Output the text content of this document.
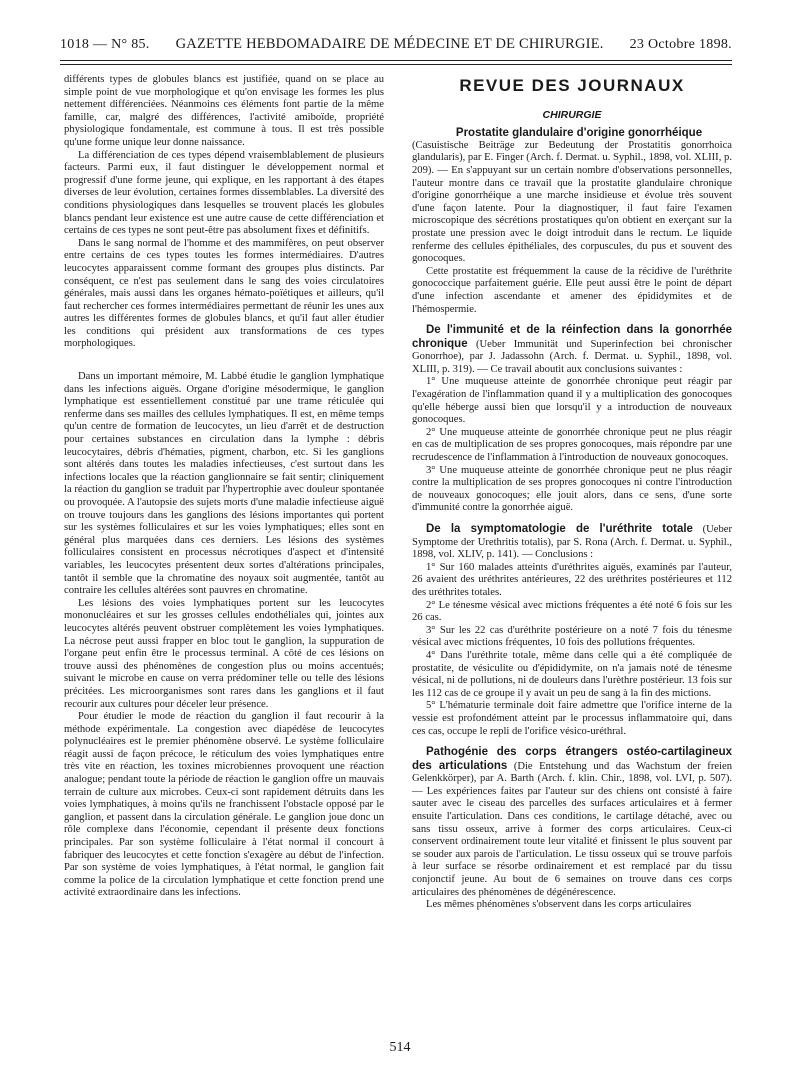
1018 — N° 85. GAZETTE HEBDOMADAIRE DE MÉDECINE ET DE CHIRURGIE. 23 Octobre 1898.

différents types de globules blancs est justifiée, quand on se place au simple point de vue morphologique et qu'on envisage les formes les plus nettement différenciées. Néanmoins ces éléments font partie de la même famille, car, malgré des différences, l'activité amiboïde, propriété physiologique fondamentale, est commune à tous. Il est très possible qu'une forme unique leur donne naissance.

La différenciation de ces types dépend vraisemblablement de plusieurs facteurs. Parmi eux, il faut distinguer le développement normal et progressif d'une forme jeune, qui explique, en les rapportant à des étapes diverses de leur évolution, certaines formes dissemblables. La diversité des conditions physiologiques dans lesquelles se trouvent placés les globules blancs pendant leur existence est une autre cause de cette différenciation et certains de ces types ne sont peut-être pas absolument fixes et définitifs.

Dans le sang normal de l'homme et des mammifères, on peut observer entre certains de ces types toutes les formes intermédiaires. D'autres leucocytes apparaissent comme formant des groupes plus distincts. Par conséquent, ce n'est pas seulement dans le sang des voies circulatoires générales, mais aussi dans les organes hémato-poïétiques et ailleurs, qu'il faut rechercher ces formes intermédiaires permettant de réunir les unes aux autres les différentes formes de globules blancs, et qu'il faut aller étudier les conditions qui président aux transformations de ces types morphologiques.

Dans un important mémoire, M. Labbé étudie le ganglion lymphatique dans les infections aiguës. Organe d'origine mésodermique, le ganglion lymphatique est essentiellement constitué par une trame réticulée qui renferme dans ses mailles des cellules lymphatiques. Il est, en même temps qu'un centre de formation de leucocytes, un lieu d'arrêt et de destruction pour certaines substances en circulation dans la lymphe : débris leucocytaires, débris d'hématies, pigment, charbon, etc. Si les ganglions sont altérés dans toutes les maladies infectieuses, c'est surtout dans les infections locales que la réaction ganglionnaire se fait sentir; cliniquement la réaction du ganglion se traduit par l'hypertrophie avec douleur spontanée ou provoquée. A l'autopsie des sujets morts d'une maladie infectieuse aiguë on trouve toujours dans les ganglions des lésions importantes qui portent sur les systèmes folliculaires et sur les voies lymphatiques; elles sont en général plus marquées dans ces derniers. Les lésions des systèmes folliculaires consistent en processus nécrotiques d'aspect et d'intensité variables, les leucocytes présentent deux sortes d'altérations principales, tantôt il semble que la chromatine des noyaux soit augmentée, tantôt au contraire les cellules altérées sont pauvres en chromatine.

Les lésions des voies lymphatiques portent sur les leucocytes mononucléaires et sur les grosses cellules endothéliales qui, jointes aux leucocytes altérés peuvent obstruer complètement les voies lymphatiques. La nécrose peut aussi frapper en bloc tout le ganglion, la suppuration de l'organe peut enfin être le processus terminal. A côté de ces lésions on trouve aussi des phénomènes de congestion plus ou moins accentués; suivant le microbe en cause on verra prédominer telle ou telle des lésions précitées. Les microorganismes sont rares dans les ganglions et il faut recourir aux cultures pour déceler leur présence.

Pour étudier le mode de réaction du ganglion il faut recourir à la méthode expérimentale. La congestion avec diapédèse de leucocytes polynucléaires est le premier phénomène observé. Le système folliculaire réagit aussi de façon précoce, le réticulum des voies lymphatiques entre très vite en réaction, les toxines microbiennes provoquent une réaction analogue; pendant toute la période de réaction le ganglion offre un mauvais terrain de culture aux microbes. Ceux-ci sont rapidement détruits dans les voies lymphatiques, à moins qu'ils ne franchissent l'obstacle opposé par le ganglion, et passent dans la circulation générale. Le ganglion joue donc un rôle complexe dans l'économie, cependant il présente deux fonctions principales. Par son système folliculaire à l'état normal il concourt à fabriquer des leucocytes et cette fonction s'exagère au début de l'infection. Par son système de voies lymphatiques, à l'état normal, le ganglion fait comme la police de la circulation lymphatique et cette fonction prend une activité extraordinaire dans les infections.

REVUE DES JOURNAUX
CHIRURGIE

Prostatite glandulaire d'origine gonorrhéique

(Casuistische Beiträge zur Bedeutung der Prostatitis gonorrhoica glandularis), par E. Finger (Arch. f. Dermat. u. Syphil., 1898, vol. XLIII, p. 209). — En s'appuyant sur un certain nombre d'observations personnelles, l'auteur montre dans ce travail que la prostatite glandulaire chronique d'origine gonorrhéique a une marche insidieuse et évolue très souvent d'une façon latente. Pour la diagnostiquer, il faut faire l'examen microscopique des sécrétions prostatiques qu'on obtient en exerçant sur la prostate une pression avec le doigt introduit dans le rectum. Le liquide renferme des cellules épithéliales, des corpuscules, du pus et souvent des gonocoques.

Cette prostatite est fréquemment la cause de la récidive de l'uréthrite gonococcique parfaitement guérie. Elle peut aussi être le point de départ d'une infection ascendante et amener des épididymites et de l'hémospermie.

De l'immunité et de la réinfection dans la gonorrhée chronique (Ueber Immunität und Superinfection bei chronischer Gonorrhoe), par J. Jadassohn (Arch. f. Dermat. u. Syphil., 1898, vol. XLIII, p. 319). — Ce travail aboutit aux conclusions suivantes :

1° Une muqueuse atteinte de gonorrhée chronique peut réagir par l'exagération de l'inflammation quand il y a multiplication des gonocoques qu'elle héberge aussi bien que lorsqu'il y a introduction de nouveaux gonocoques.

2° Une muqueuse atteinte de gonorrhée chronique peut ne plus réagir en cas de multiplication de ses propres gonocoques, mais répondre par une recrudescence de l'inflammation à l'introduction de nouveaux gonocoques.

3° Une muqueuse atteinte de gonorrhée chronique peut ne plus réagir contre la multiplication de ses propres gonocoques ni contre l'introduction de nouveaux gonocoques; elle jouit alors, dans ce sens, d'une sorte d'immunité contre la gonorrhée aiguë.

De la symptomatologie de l'uréthrite totale (Ueber Symptome der Urethritis totalis), par S. Rona (Arch. f. Dermat. u. Syphil., 1898, vol. XLIV, p. 141). — Conclusions :

1° Sur 160 malades atteints d'uréthrites aiguës, examinés par l'auteur, 26 avaient des uréthrites antérieures, 22 des uréthrites postérieures et 112 des uréthrites totales.

2° Le ténesme vésical avec mictions fréquentes a été noté 6 fois sur les 26 cas.

3° Sur les 22 cas d'uréthrite postérieure on a noté 7 fois du ténesme vésical avec mictions fréquentes, 10 fois des pollutions fréquentes.

4° Dans l'uréthrite totale, même dans celle qui a été compliquée de prostatite, de vésiculite ou d'épididymite, on n'a jamais noté de ténesme vésical, ni de pollutions, ni de douleurs dans l'urèthre postérieur. 13 fois sur les 112 cas de ce groupe il y avait un peu de sang à la fin des mictions.

5° L'hématurie terminale doit faire admettre que l'orifice interne de la vessie est profondément atteint par le processus inflammatoire qui, dans ces cas, occupe le repli de l'orifice vésico-uréthral.

Pathogénie des corps étrangers ostéo-cartilagineux des articulations (Die Entstehung und das Wachstum der freien Gelenkkörper), par A. Barth (Arch. f. klin. Chir., 1898, vol. LVI, p. 507). — Les expériences faites par l'auteur sur des chiens ont consisté à faire sauter avec le ciseau des parcelles des surfaces articulaires et à fermer ensuite l'articulation. Dans ces conditions, le cartilage détaché, avec ou sans tissu osseux, arrive à former des corps articulaires. Ceux-ci conservent ordinairement toute leur vitalité et finissent le plus souvent par se souder aux parois de l'articulation. Le tissu osseux qui se trouve parfois à leur surface se résorbe ordinairement et est remplacé par du tissu conjonctif jeune. Au bout de 6 semaines on trouve dans ces corps articulaires des phénomènes de dégénérescence.

Les mêmes phénomènes s'observent dans les corps articulaires

514
